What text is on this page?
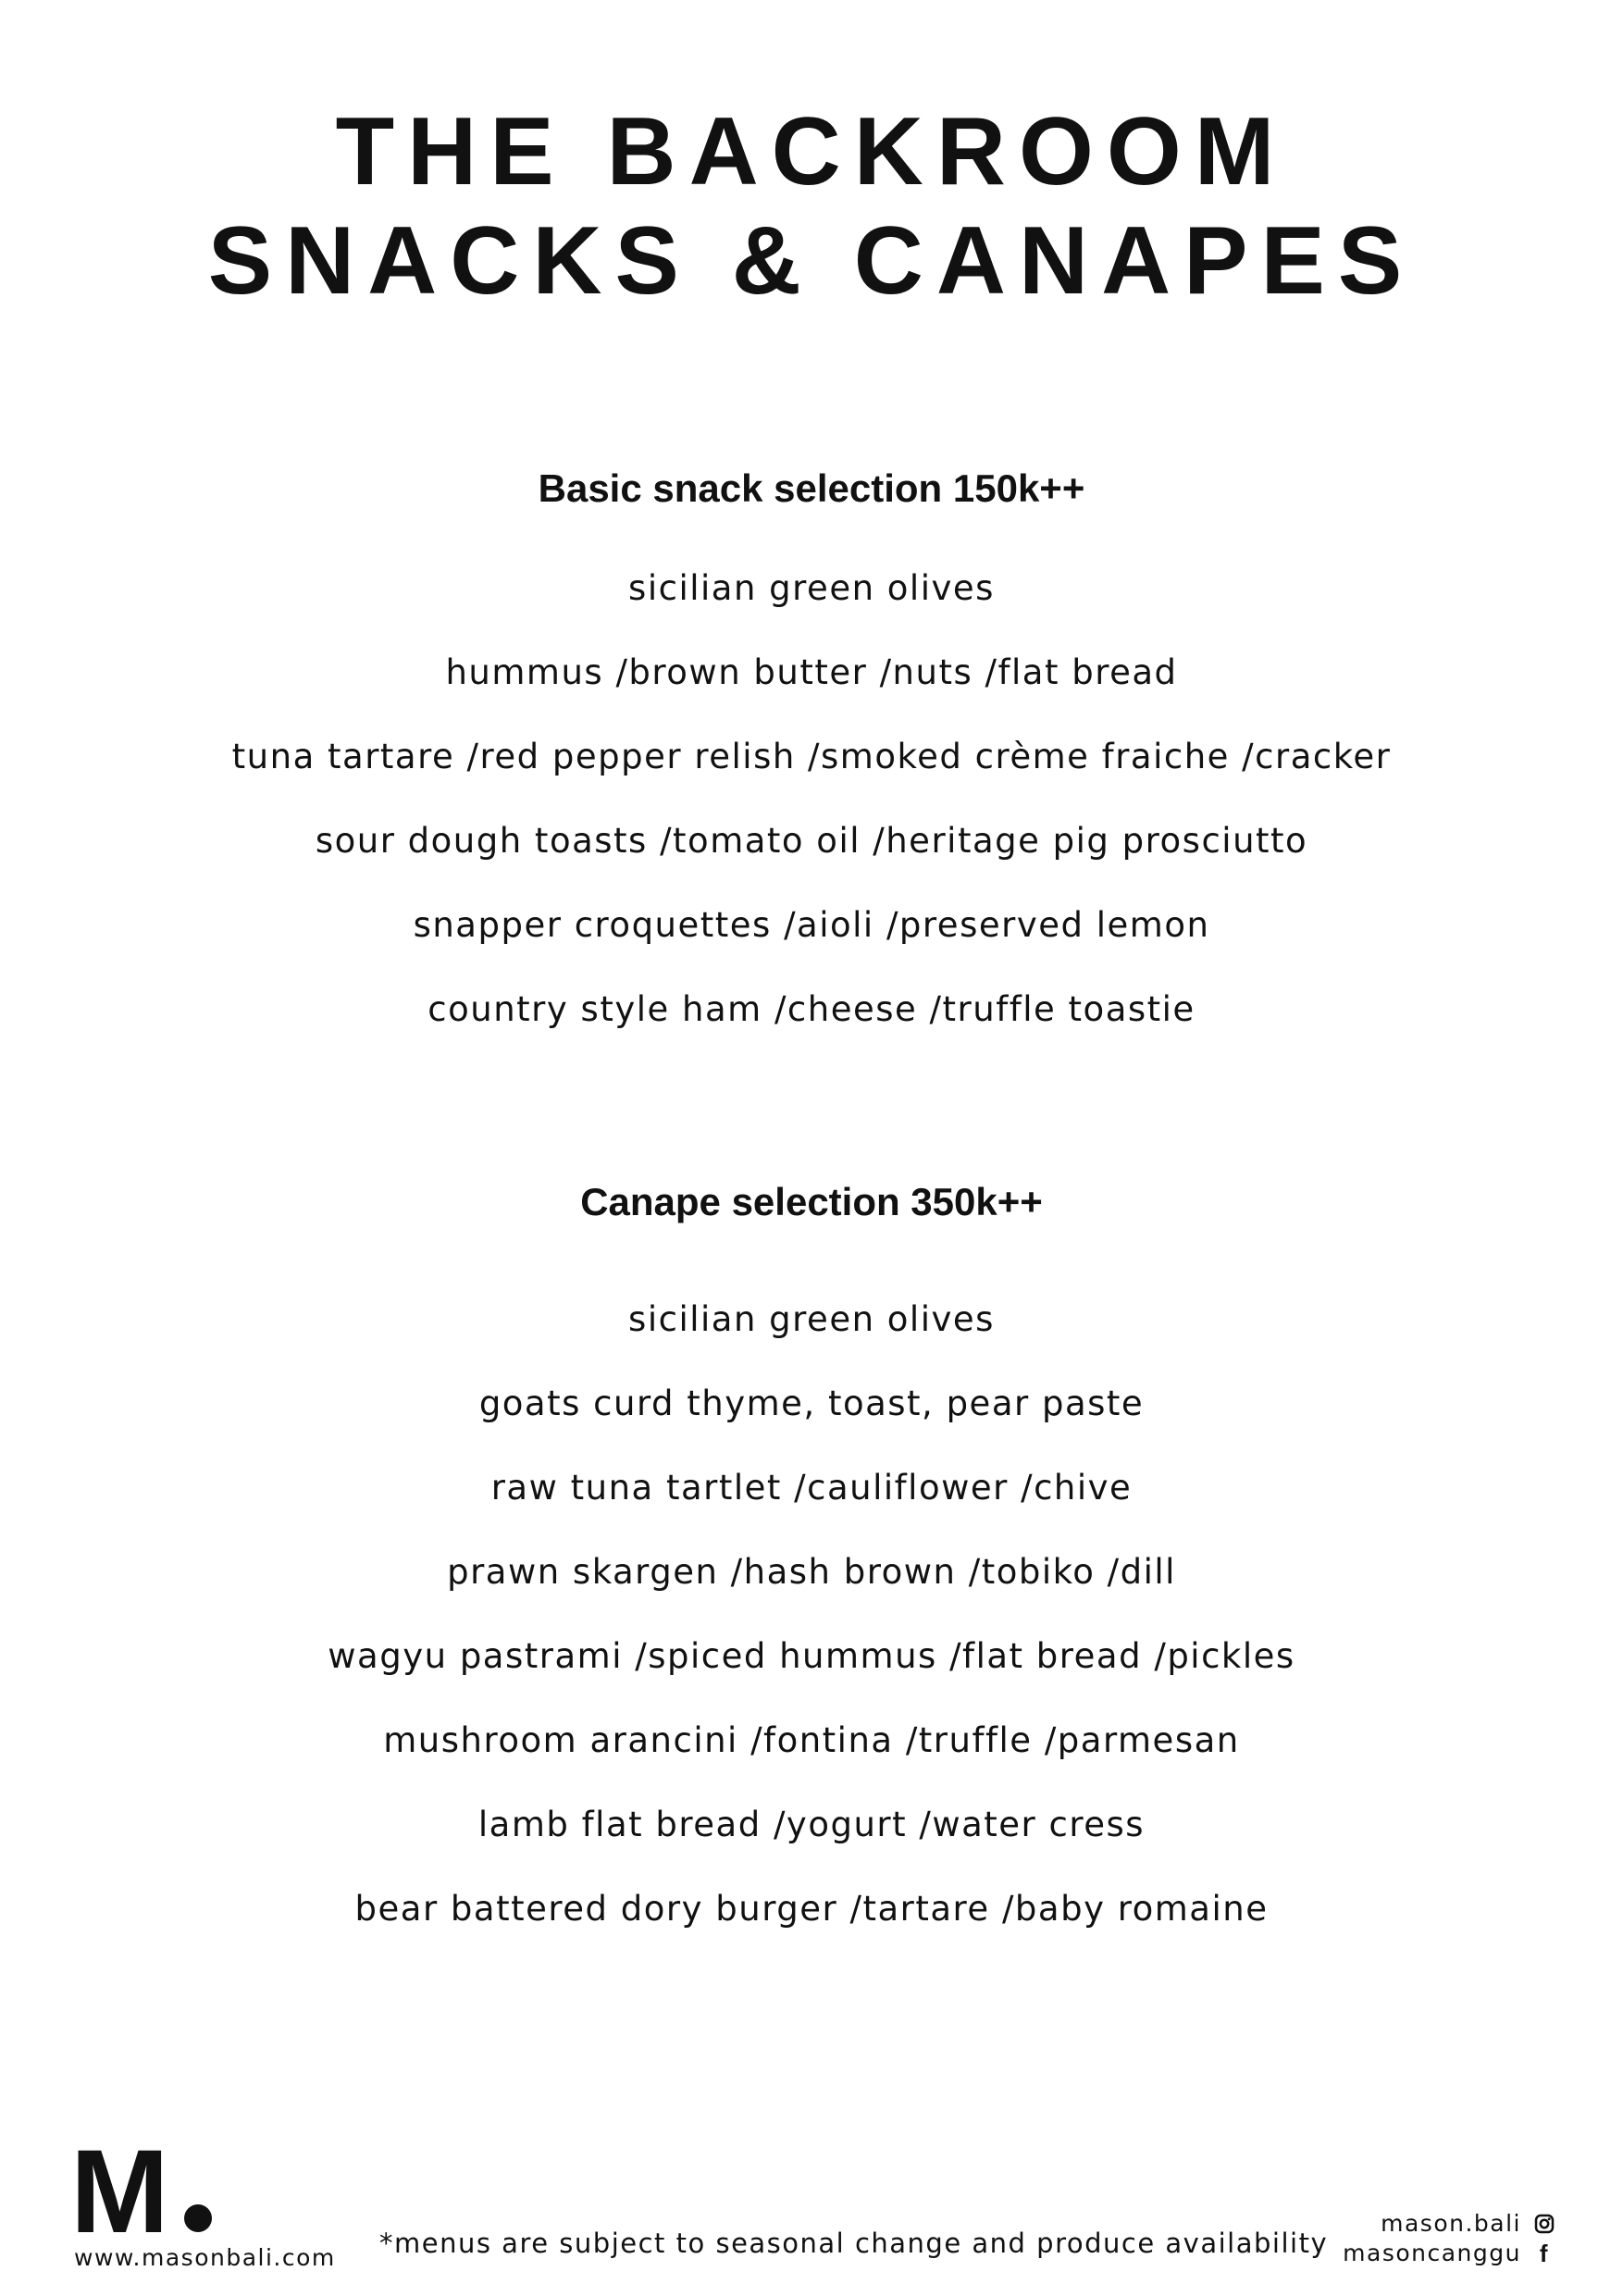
THE BACKROOM
SNACKS & CANAPES
Basic snack selection 150k++
sicilian green olives
hummus /brown butter /nuts /flat bread
tuna tartare /red pepper relish /smoked crème fraiche /cracker
sour dough toasts /tomato oil /heritage pig prosciutto
snapper croquettes /aioli /preserved lemon
country style ham /cheese /truffle toastie
Canape selection 350k++
sicilian green olives
goats curd thyme, toast, pear paste
raw tuna tartlet /cauliflower /chive
prawn skargen /hash brown /tobiko /dill
wagyu pastrami /spiced hummus /flat bread /pickles
mushroom arancini /fontina /truffle /parmesan
lamb flat bread /yogurt /water cress
bear battered dory burger /tartare /baby romaine
M
www.masonbali.com *menus are subject to seasonal change and produce availability
mason.bali
masoncanggu f
